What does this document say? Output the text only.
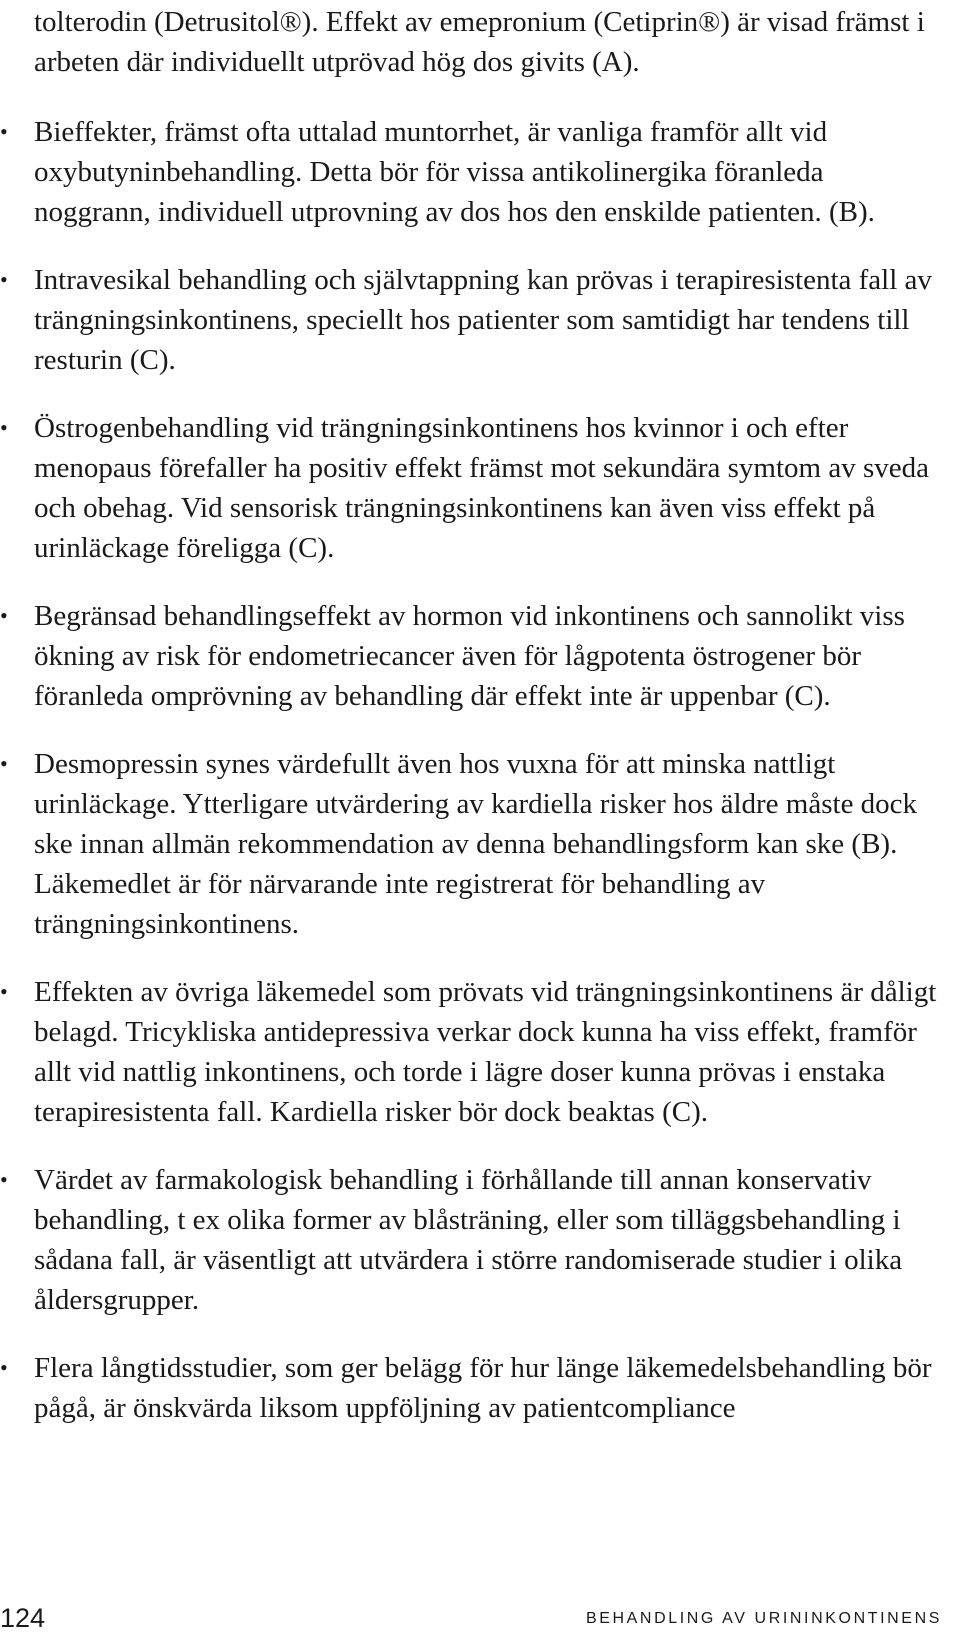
tolterodin (Detrusitol®). Effekt av emepronium (Cetiprin®) är visad främst i arbeten där individuellt utprövad hög dos givits (A).

• Bieffekter, främst ofta uttalad muntorrhet, är vanliga framför allt vid oxybutyninbehandling. Detta bör för vissa antikolinergika föranleda noggrann, individuell utprovning av dos hos den enskilde patienten. (B).
• Intravesikal behandling och självtappning kan prövas i terapiresistenta fall av trängningsinkontinens, speciellt hos patienter som samtidigt har tendens till resturin (C).
• Östrogenbehandling vid trängningsinkontinens hos kvinnor i och efter menopaus förefaller ha positiv effekt främst mot sekundära symtom av sveda och obehag. Vid sensorisk trängningsinkontinens kan även viss effekt på urinläckage föreligga (C).
• Begränsad behandlingseffekt av hormon vid inkontinens och sannolikt viss ökning av risk för endometriecancer även för lågpotenta östrogener bör föranleda omprövning av behandling där effekt inte är uppenbar (C).
• Desmopressin synes värdefullt även hos vuxna för att minska nattligt urinläckage. Ytterligare utvärdering av kardiella risker hos äldre måste dock ske innan allmän rekommendation av denna behandlingsform kan ske (B). Läkemedlet är för närvarande inte registrerat för behandling av trängningsinkontinens.
• Effekten av övriga läkemedel som prövats vid trängningsinkontinens är dåligt belagd. Tricykliska antidepressiva verkar dock kunna ha viss effekt, framför allt vid nattlig inkontinens, och torde i lägre doser kunna prövas i enstaka terapiresistenta fall. Kardiella risker bör dock beaktas (C).
• Värdet av farmakologisk behandling i förhållande till annan konservativ behandling, t ex olika former av blåsträning, eller som tilläggsbehandling i sådana fall, är väsentligt att utvärdera i större randomiserade studier i olika åldersgrupper.
• Flera långtidsstudier, som ger belägg för hur länge läkemedelsbehandling bör pågå, är önskvärda liksom uppföljning av patientcompliance
124	BEHANDLING AV URININKONTINENS
